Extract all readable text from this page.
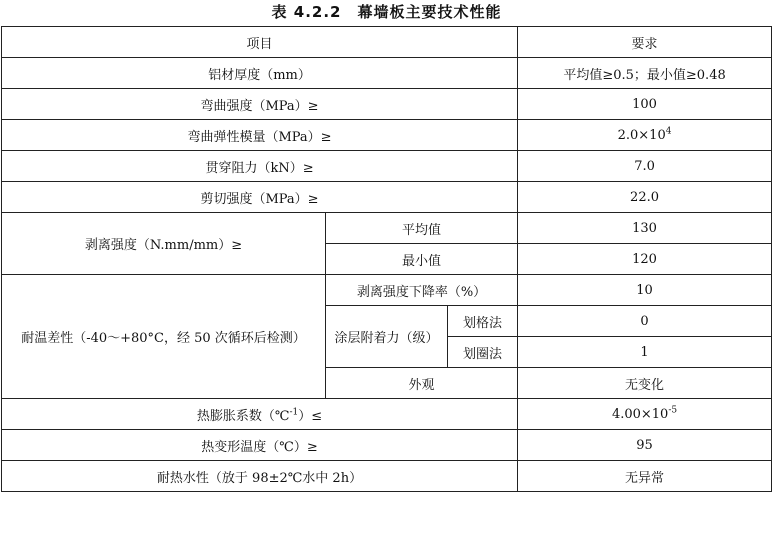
表 4.2.2　幕墙板主要技术性能
项目			要求
铝材厚度（mm）			平均值≥0.5；最小值≥0.48
弯曲强度（MPa）≥			100
弯曲弹性模量（MPa）≥			$2.0\times 10^4$
贯穿阻力（kN）≥			7.0
剪切强度（MPa）≥			22.0
剥离强度（N.mm/mm）≥	平均值		130
	最小值		120
耐温差性（-40～+80°C，经 50 次循环后检测）	剥离强度下降率（%）		10
	涂层附着力（级）	划格法	0
		划圈法	1
	外观		无变化
热膨胀系数（℃$^{-1}$）≤			$4.00\times 10^{-5}$
热变形温度（℃）≥			95
耐热水性（放于 98±2℃水中 2h）			无异常
